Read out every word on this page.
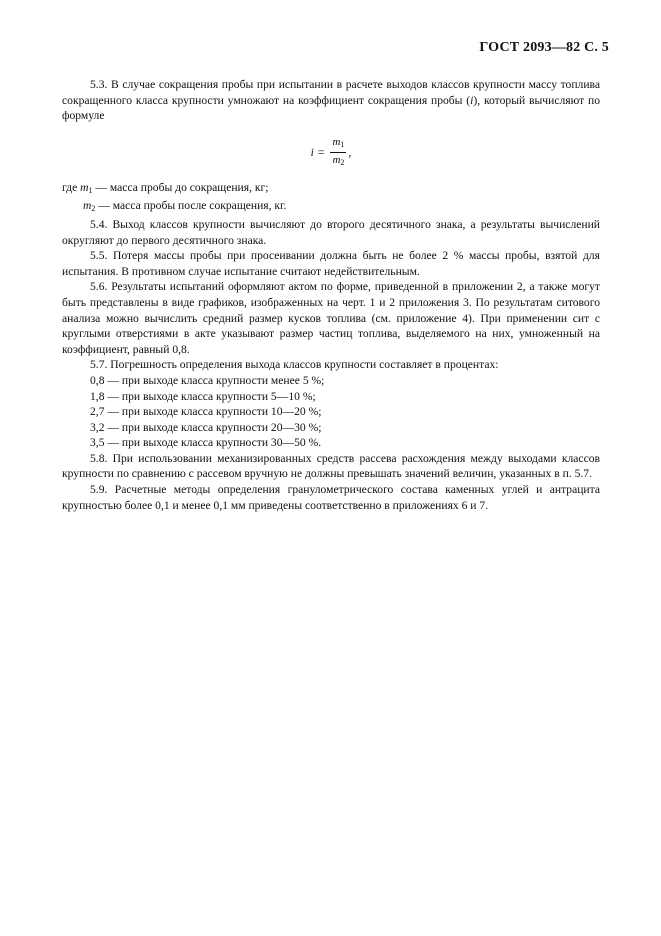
ГОСТ 2093—82 С. 5

5.3. В случае сокращения пробы при испытании в расчете выходов классов крупности массу топлива сокращенного класса крупности умножают на коэффициент сокращения пробы (i), который вычисляют по формуле

$i = \frac{m_1}{m_2}$ ,

где $m_1$ — масса пробы до сокращения, кг;

$m_2$ — масса пробы после сокращения, кг.

5.4. Выход классов крупности вычисляют до второго десятичного знака, а результаты вычислений округляют до первого десятичного знака.

5.5. Потеря массы пробы при просеивании должна быть не более 2 % массы пробы, взятой для испытания. В противном случае испытание считают недействительным.

5.6. Результаты испытаний оформляют актом по форме, приведенной в приложении 2, а также могут быть представлены в виде графиков, изображенных на черт. 1 и 2 приложения 3. По результатам ситового анализа можно вычислить средний размер кусков топлива (см. приложение 4). При применении сит с круглыми отверстиями в акте указывают размер частиц топлива, выделяемого на них, умноженный на коэффициент, равный 0,8.

5.7. Погрешность определения выхода классов крупности составляет в процентах:

0,8 — при выходе класса крупности менее 5 %;

1,8 — при выходе класса крупности 5—10 %;

2,7 — при выходе класса крупности 10—20 %;

3,2 — при выходе класса крупности 20—30 %;

3,5 — при выходе класса крупности 30—50 %.

5.8. При использовании механизированных средств рассева расхождения между выходами классов крупности по сравнению с рассевом вручную не должны превышать значений величин, указанных в п. 5.7.

5.9. Расчетные методы определения гранулометрического состава каменных углей и антрацита крупностью более 0,1 и менее 0,1 мм приведены соответственно в приложениях 6 и 7.
